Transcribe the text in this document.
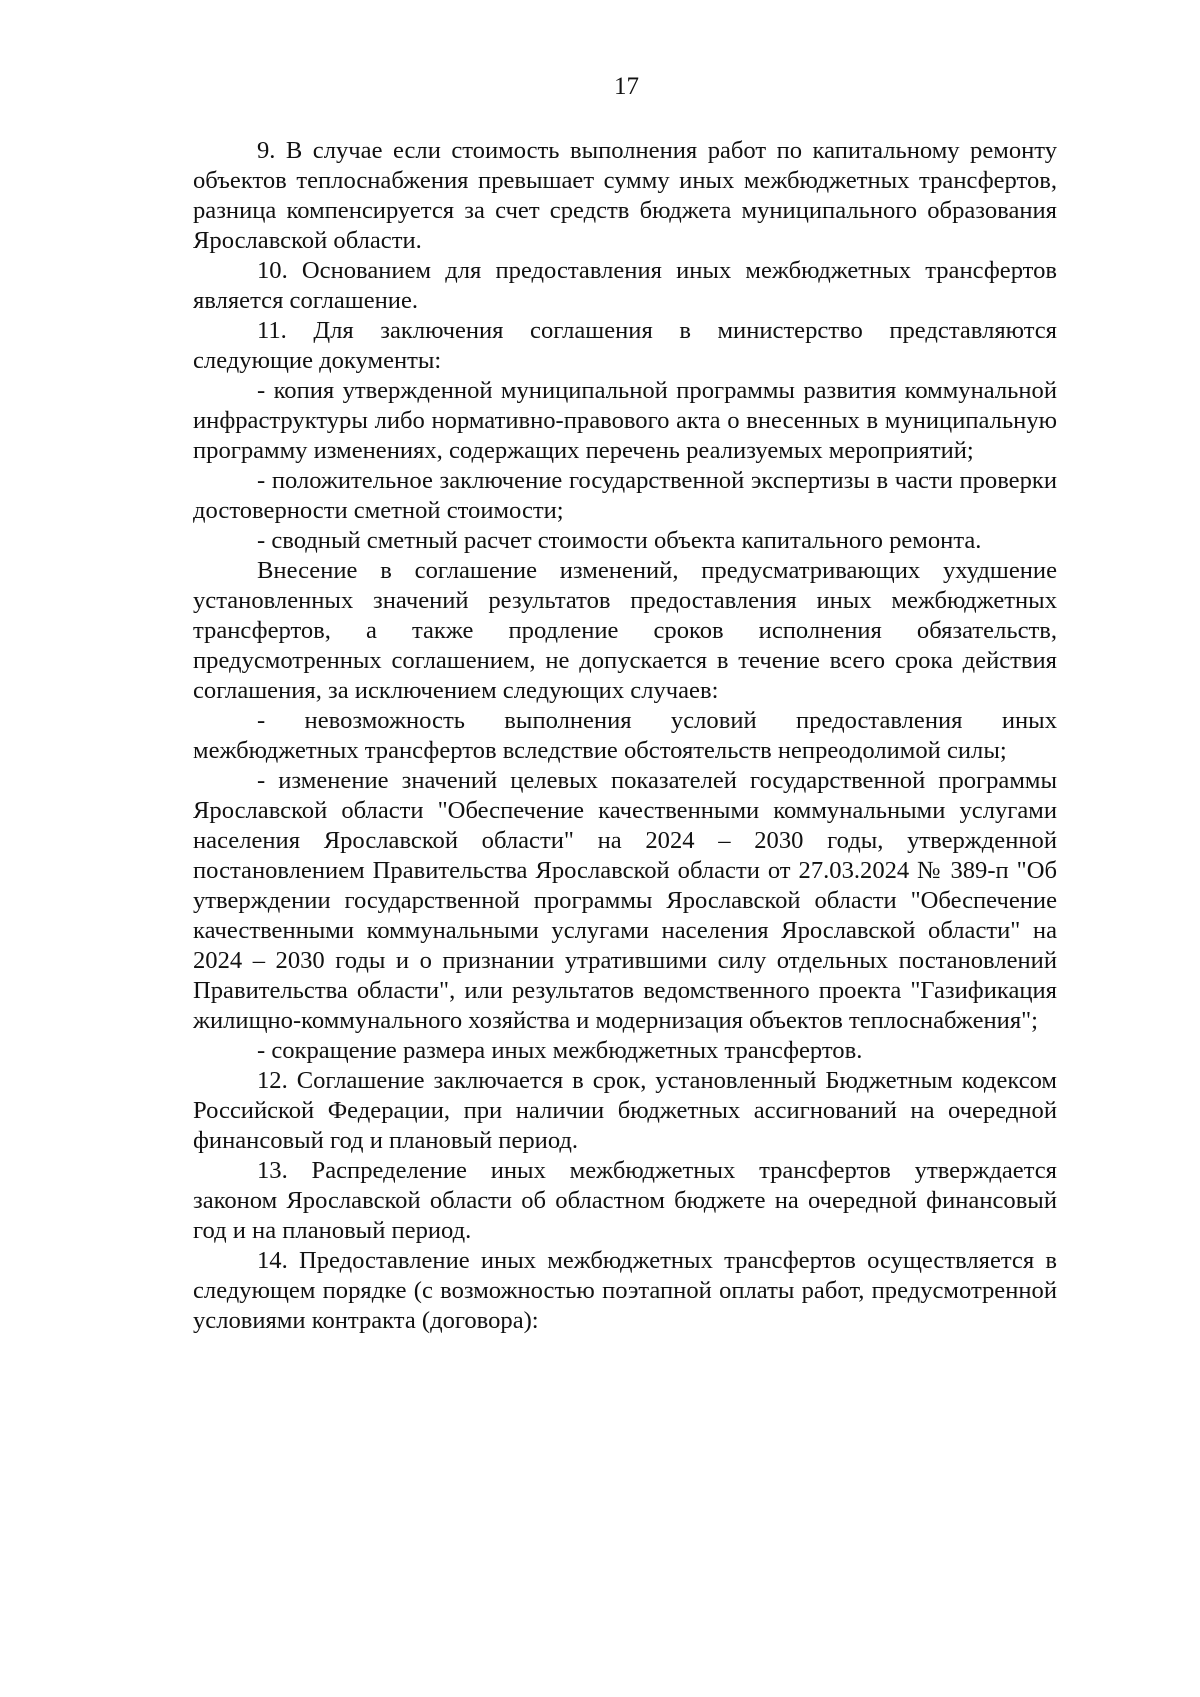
17

9. В случае если стоимость выполнения работ по капитальному ремонту объектов теплоснабжения превышает сумму иных межбюджетных трансфертов, разница компенсируется за счет средств бюджета муниципального образования Ярославской области.

10. Основанием для предоставления иных межбюджетных трансфертов является соглашение.

11. Для заключения соглашения в министерство представляются следующие документы:

- копия утвержденной муниципальной программы развития коммунальной инфраструктуры либо нормативно-правового акта о внесенных в муниципальную программу изменениях, содержащих перечень реализуемых мероприятий;

- положительное заключение государственной экспертизы в части проверки достоверности сметной стоимости;

- сводный сметный расчет стоимости объекта капитального ремонта.

Внесение в соглашение изменений, предусматривающих ухудшение установленных значений результатов предоставления иных межбюджетных трансфертов, а также продление сроков исполнения обязательств, предусмотренных соглашением, не допускается в течение всего срока действия соглашения, за исключением следующих случаев:

- невозможность выполнения условий предоставления иных межбюджетных трансфертов вследствие обстоятельств непреодолимой силы;

- изменение значений целевых показателей государственной программы Ярославской области "Обеспечение качественными коммунальными услугами населения Ярославской области" на 2024 – 2030 годы, утвержденной постановлением Правительства Ярославской области от 27.03.2024 № 389-п "Об утверждении государственной программы Ярославской области "Обеспечение качественными коммунальными услугами населения Ярославской области" на 2024 – 2030 годы и о признании утратившими силу отдельных постановлений Правительства области", или результатов ведомственного проекта "Газификация жилищно-коммунального хозяйства и модернизация объектов теплоснабжения";

- сокращение размера иных межбюджетных трансфертов.

12. Соглашение заключается в срок, установленный Бюджетным кодексом Российской Федерации, при наличии бюджетных ассигнований на очередной финансовый год и плановый период.

13. Распределение иных межбюджетных трансфертов утверждается законом Ярославской области об областном бюджете на очередной финансовый год и на плановый период.

14. Предоставление иных межбюджетных трансфертов осуществляется в следующем порядке (с возможностью поэтапной оплаты работ, предусмотренной условиями контракта (договора):
